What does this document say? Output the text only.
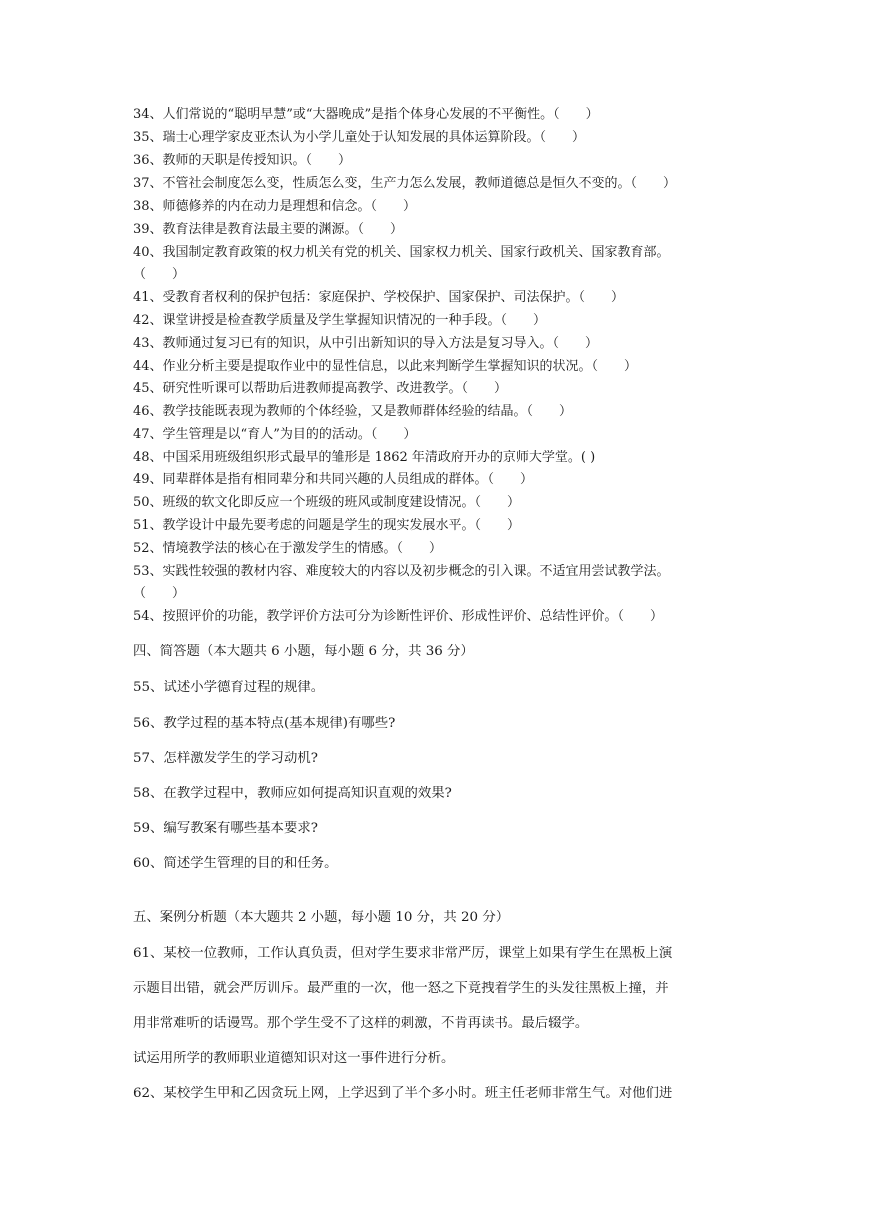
34、人们常说的“聪明早慧”或“大器晚成”是指个体身心发展的不平衡性。（　　）
35、瑞士心理学家皮亚杰认为小学儿童处于认知发展的具体运算阶段。（　　）
36、教师的天职是传授知识。（　　）
37、不管社会制度怎么变，性质怎么变，生产力怎么发展，教师道德总是恒久不变的。（　　）
38、师德修养的内在动力是理想和信念。（　　）
39、教育法律是教育法最主要的渊源。（　　）
40、我国制定教育政策的权力机关有党的机关、国家权力机关、国家行政机关、国家教育部。
（　　）
41、受教育者权利的保护包括：家庭保护、学校保护、国家保护、司法保护。（　　）
42、课堂讲授是检查教学质量及学生掌握知识情况的一种手段。（　　）
43、教师通过复习已有的知识，从中引出新知识的导入方法是复习导入。（　　）
44、作业分析主要是提取作业中的显性信息，以此来判断学生掌握知识的状况。（　　）
45、研究性听课可以帮助后进教师提高教学、改进教学。（　　）
46、教学技能既表现为教师的个体经验，又是教师群体经验的结晶。（　　）
47、学生管理是以“育人”为目的的活动。（　　）
48、中国采用班级组织形式最早的雏形是 1862 年清政府开办的京师大学堂。( )
49、同辈群体是指有相同辈分和共同兴趣的人员组成的群体。（　　）
50、班级的软文化即反应一个班级的班风或制度建设情况。（　　）
51、教学设计中最先要考虑的问题是学生的现实发展水平。（　　）
52、情境教学法的核心在于激发学生的情感。（　　）
53、实践性较强的教材内容、难度较大的内容以及初步概念的引入课。不适宜用尝试教学法。
（　　）
54、按照评价的功能，教学评价方法可分为诊断性评价、形成性评价、总结性评价。（　　）
四、简答题（本大题共 6 小题，每小题 6 分，共 36 分）
55、试述小学德育过程的规律。
56、教学过程的基本特点(基本规律)有哪些?
57、怎样激发学生的学习动机?
58、在教学过程中，教师应如何提高知识直观的效果?
59、编写教案有哪些基本要求?
60、简述学生管理的目的和任务。
五、案例分析题（本大题共 2 小题，每小题 10 分，共 20 分）
61、某校一位教师，工作认真负责，但对学生要求非常严厉，课堂上如果有学生在黑板上演
示题目出错，就会严厉训斥。最严重的一次，他一怒之下竟拽着学生的头发往黑板上撞，并
用非常难听的话谩骂。那个学生受不了这样的刺激，不肯再读书。最后辍学。
试运用所学的教师职业道德知识对这一事件进行分析。
62、某校学生甲和乙因贪玩上网，上学迟到了半个多小时。班主任老师非常生气。对他们进
